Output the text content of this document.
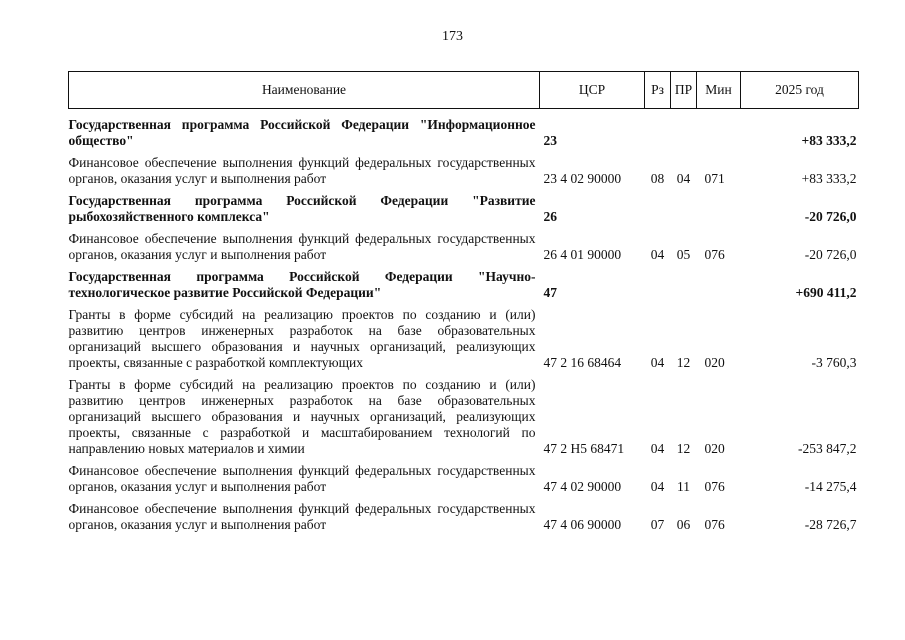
173
Наименование	ЦСР	Рз	ПР	Мин	2025 год
Государственная программа Российской Федерации "Информационное общество"	23				+83 333,2
Финансовое обеспечение выполнения функций федеральных государственных органов, оказания услуг и выполнения работ	23 4 02 90000	08	04	071	+83 333,2
Государственная программа Российской Федерации "Развитие рыбохозяйственного комплекса"	26				-20 726,0
Финансовое обеспечение выполнения функций федеральных государственных органов, оказания услуг и выполнения работ	26 4 01 90000	04	05	076	-20 726,0
Государственная программа Российской Федерации "Научно-технологическое развитие Российской Федерации"	47				+690 411,2
Гранты в форме субсидий на реализацию проектов по созданию и (или) развитию центров инженерных разработок на базе образовательных организаций высшего образования и научных организаций, реализующих проекты, связанные с разработкой комплектующих	47 2 16 68464	04	12	020	-3 760,3
Гранты в форме субсидий на реализацию проектов по созданию и (или) развитию центров инженерных разработок на базе образовательных организаций высшего образования и научных организаций, реализующих проекты, связанные с разработкой и масштабированием технологий по направлению новых материалов и химии	47 2 H5 68471	04	12	020	-253 847,2
Финансовое обеспечение выполнения функций федеральных государственных органов, оказания услуг и выполнения работ	47 4 02 90000	04	11	076	-14 275,4
Финансовое обеспечение выполнения функций федеральных государственных органов, оказания услуг и выполнения работ	47 4 06 90000	07	06	076	-28 726,7
